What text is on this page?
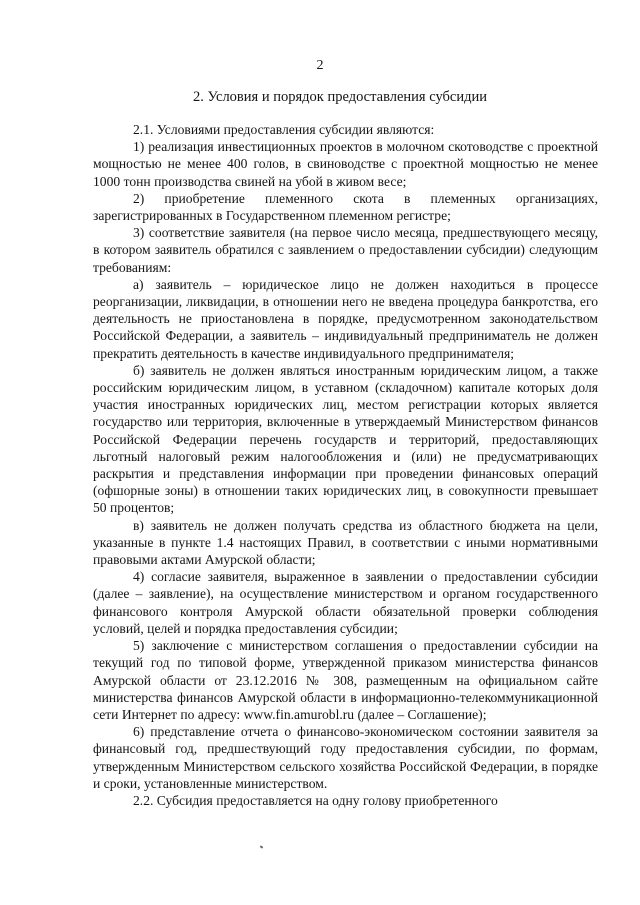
2
2. Условия и порядок предоставления субсидии

2.1. Условиями предоставления субсидии являются:

1) реализация инвестиционных проектов в молочном скотоводстве с проектной мощностью не менее 400 голов, в свиноводстве с проектной мощностью не менее 1000 тонн производства свиней на убой в живом весе;

2) приобретение племенного скота в племенных организациях, зарегистрированных в Государственном племенном регистре;

3) соответствие заявителя (на первое число месяца, предшествующего месяцу, в котором заявитель обратился с заявлением о предоставлении субсидии) следующим требованиям:

а) заявитель – юридическое лицо не должен находиться в процессе реорганизации, ликвидации, в отношении него не введена процедура банкротства, его деятельность не приостановлена в порядке, предусмотренном законодательством Российской Федерации, а заявитель – индивидуальный предприниматель не должен прекратить деятельность в качестве индивидуального предпринимателя;

б) заявитель не должен являться иностранным юридическим лицом, а также российским юридическим лицом, в уставном (складочном) капитале которых доля участия иностранных юридических лиц, местом регистрации которых является государство или территория, включенные в утверждаемый Министерством финансов Российской Федерации перечень государств и территорий, предоставляющих льготный налоговый режим налогообложения и (или) не предусматривающих раскрытия и представления информации при проведении финансовых операций (офшорные зоны) в отношении таких юридических лиц, в совокупности превышает 50 процентов;

в) заявитель не должен получать средства из областного бюджета на цели, указанные в пункте 1.4 настоящих Правил, в соответствии с иными нормативными правовыми актами Амурской области;

4) согласие заявителя, выраженное в заявлении о предоставлении субсидии (далее – заявление), на осуществление министерством и органом государственного финансового контроля Амурской области обязательной проверки соблюдения условий, целей и порядка предоставления субсидии;

5) заключение с министерством соглашения о предоставлении субсидии на текущий год по типовой форме, утвержденной приказом министерства финансов Амурской области от 23.12.2016 № 308, размещенным на официальном сайте министерства финансов Амурской области в информационно-телекоммуникационной сети Интернет по адресу: www.fin.amurobl.ru (далее – Соглашение);

6) представление отчета о финансово-экономическом состоянии заявителя за финансовый год, предшествующий году предоставления субсидии, по формам, утвержденным Министерством сельского хозяйства Российской Федерации, в порядке и сроки, установленные министерством.

2.2. Субсидия предоставляется на одну голову приобретенного
